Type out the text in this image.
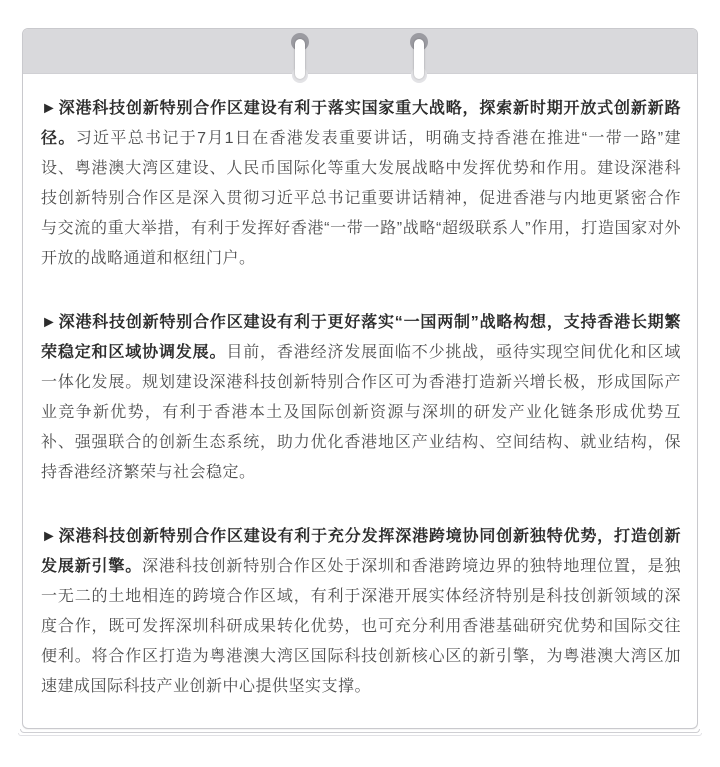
►深港科技创新特别合作区建设有利于落实国家重大战略，探索新时期开放式创新新路径。习近平总书记于7月1日在香港发表重要讲话，明确支持香港在推进“一带一路”建设、粤港澳大湾区建设、人民币国际化等重大发展战略中发挥优势和作用。建设深港科技创新特别合作区是深入贯彻习近平总书记重要讲话精神，促进香港与内地更紧密合作与交流的重大举措，有利于发挥好香港“一带一路”战略“超级联系人”作用，打造国家对外开放的战略通道和枢纽门户。

►深港科技创新特别合作区建设有利于更好落实“一国两制”战略构想，支持香港长期繁荣稳定和区域协调发展。目前，香港经济发展面临不少挑战，亟待实现空间优化和区域一体化发展。规划建设深港科技创新特别合作区可为香港打造新兴增长极，形成国际产业竞争新优势，有利于香港本土及国际创新资源与深圳的研发产业化链条形成优势互补、强强联合的创新生态系统，助力优化香港地区产业结构、空间结构、就业结构，保持香港经济繁荣与社会稳定。

►深港科技创新特别合作区建设有利于充分发挥深港跨境协同创新独特优势，打造创新发展新引擎。深港科技创新特别合作区处于深圳和香港跨境边界的独特地理位置，是独一无二的土地相连的跨境合作区域，有利于深港开展实体经济特别是科技创新领域的深度合作，既可发挥深圳科研成果转化优势，也可充分利用香港基础研究优势和国际交往便利。将合作区打造为粤港澳大湾区国际科技创新核心区的新引擎，为粤港澳大湾区加速建成国际科技产业创新中心提供坚实支撑。
